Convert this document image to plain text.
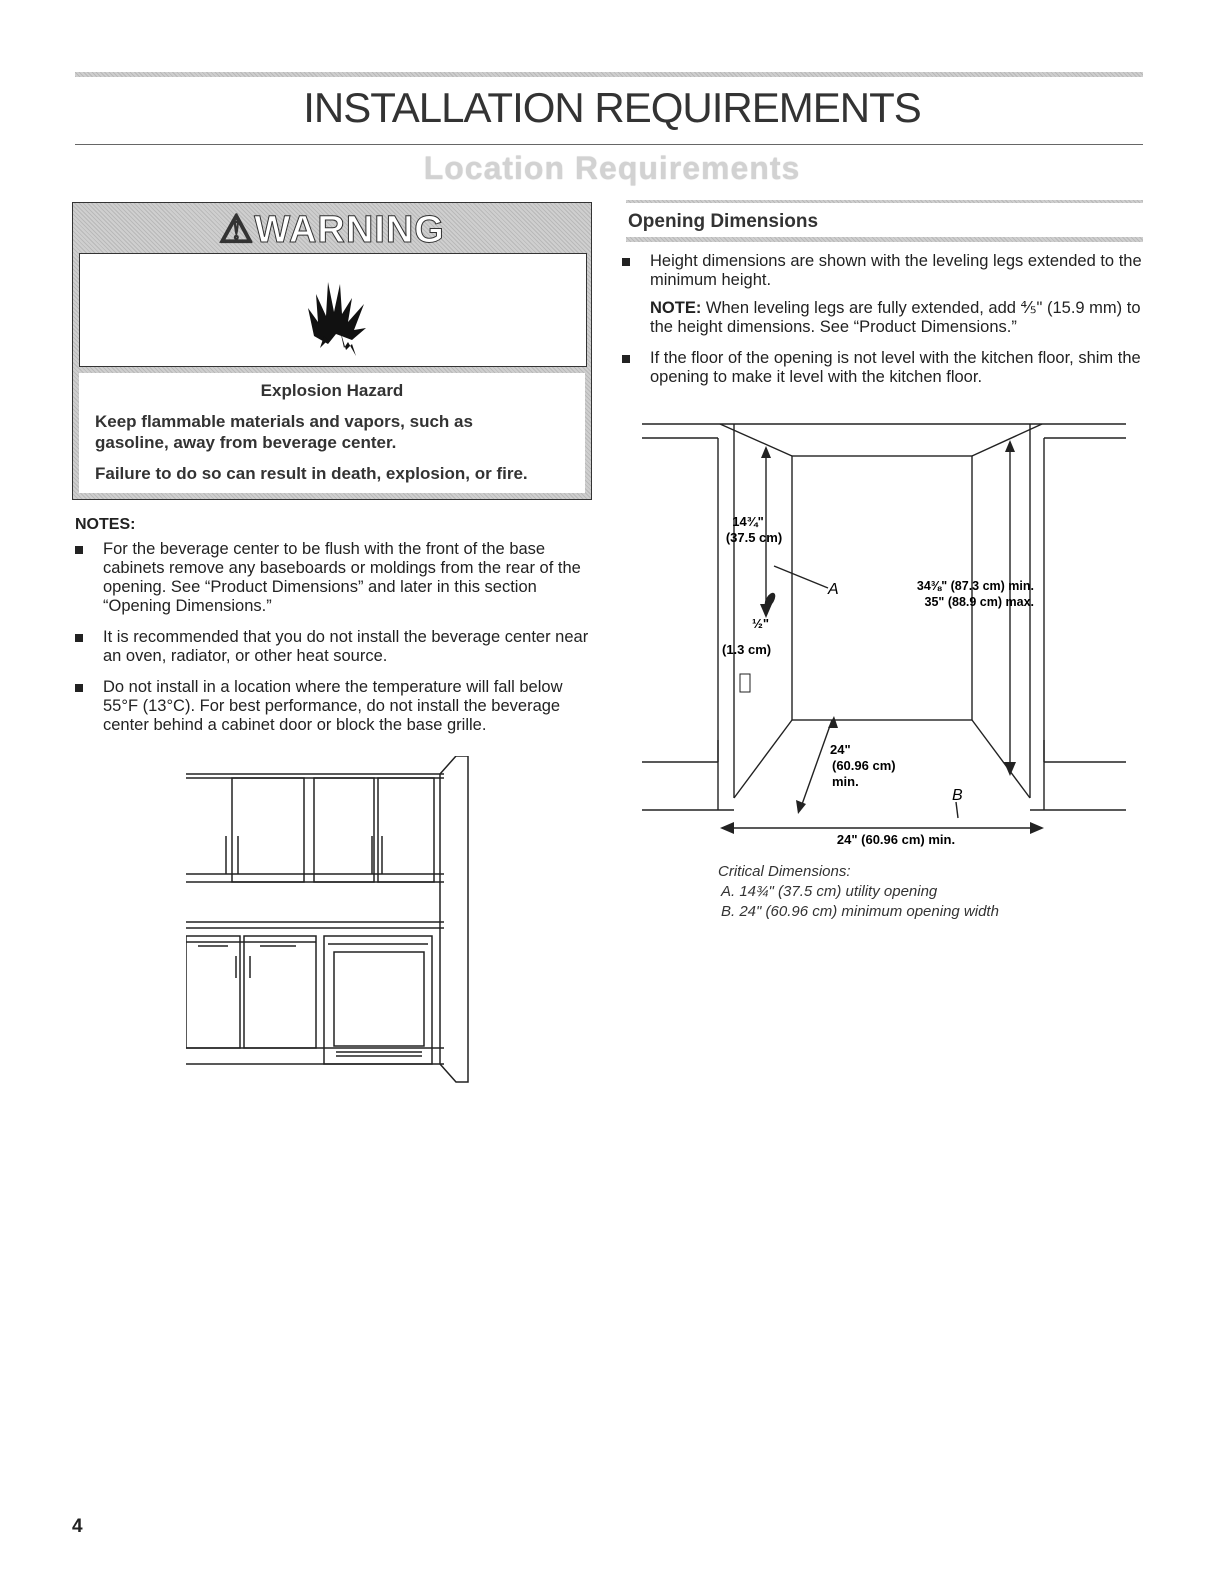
INSTALLATION REQUIREMENTS
Location Requirements
⚠WARNING
Explosion Hazard
Keep flammable materials and vapors, such as gasoline, away from beverage center.
Failure to do so can result in death, explosion, or fire.
NOTES:
For the beverage center to be flush with the front of the base cabinets remove any baseboards or moldings from the rear of the opening. See “Product Dimensions” and later in this section “Opening Dimensions.”
It is recommended that you do not install the beverage center near an oven, radiator, or other heat source.
Do not install in a location where the temperature will fall below 55°F (13°C). For best performance, do not install the beverage center behind a cabinet door or block the base grille.
Opening Dimensions
Height dimensions are shown with the leveling legs extended to the minimum height.
NOTE: When leveling legs are fully extended, add ⅘" (15.9 mm) to the height dimensions. See “Product Dimensions.”
If the floor of the opening is not level with the kitchen floor, shim the opening to make it level with the kitchen floor.
14¾"
(37.5 cm)
A	34⅜" (87.3 cm) min.
35" (88.9 cm) max.
½"
(1.3 cm)
24"
(60.96 cm)
min.
B
24" (60.96 cm) min.
Critical Dimensions:
A. 14¾" (37.5 cm) utility opening
B. 24" (60.96 cm) minimum opening width
4
